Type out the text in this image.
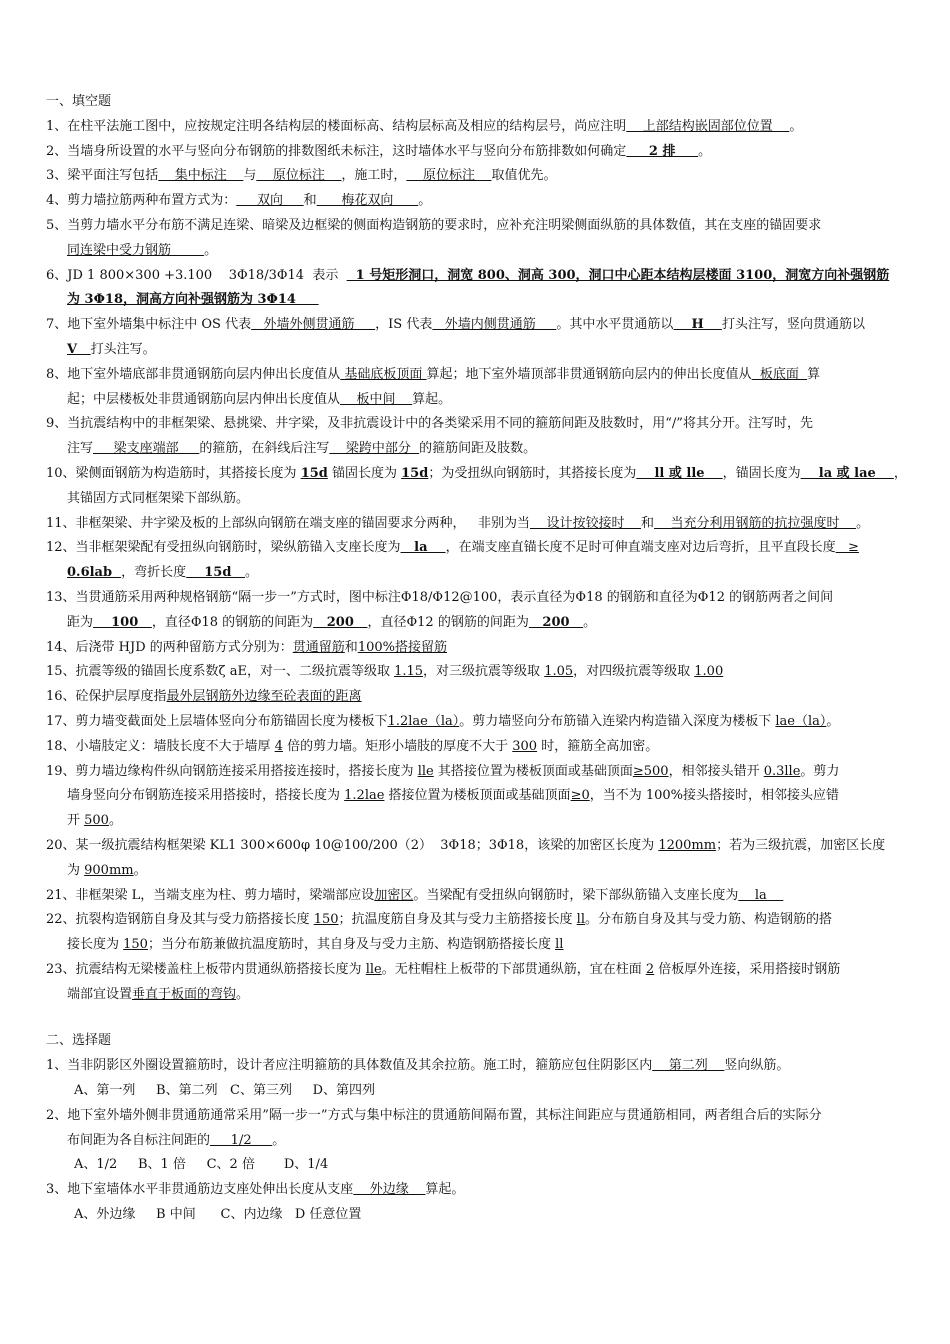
一、填空题
1、在柱平法施工图中，应按规定注明各结构层的楼面标高、结构层标高及相应的结构层号，尚应注明    上部结构嵌固部位位置    。
2、当墙身所设置的水平与竖向分布钢筋的排数图纸未标注，这时墙体水平与竖向分布筋排数如何确定     2 排     。
3、梁平面注写包括    集中标注    与    原位标注    ，施工时，    原位标注    取值优先。
4、剪力墙拉筋两种布置方式为：     双向     和      梅花双向      。
5、当剪力墙水平分布筋不满足连梁、暗梁及边框梁的侧面构造钢筋的要求时，应补充注明梁侧面纵筋的具体数值，其在支座的锚固要求
同连梁中受力钢筋        。
6、JD 1 800×300 +3.100    3Φ18/3Φ14  表示    1 号矩形洞口，洞宽 800、洞高 300，洞口中心距本结构层楼面 3100，洞宽方向补强钢筋
为 3Φ18，洞高方向补强钢筋为 3Φ14
7、地下室外墙集中标注中 OS 代表   外墙外侧贯通筋     ，IS 代表   外墙内侧贯通筋     。其中水平贯通筋以    H    打头注写，竖向贯通筋以
V   打头注写。
8、地下室外墙底部非贯通钢筋向层内伸出长度值从 基础底板顶面 算起；地下室外墙顶部非贯通钢筋向层内的伸出长度值从  板底面  算
起；中层楼板处非贯通钢筋向层内伸出长度值从    板中间    算起。
9、当抗震结构中的非框架梁、悬挑梁、井字梁，及非抗震设计中的各类梁采用不同的箍筋间距及肢数时，用“/”将其分开。注写时，先
注写     梁支座端部     的箍筋，在斜线后注写    梁跨中部分  的箍筋间距及肢数。
10、梁侧面钢筋为构造筋时，其搭接长度为 15d 锚固长度为 15d；为受扭纵向钢筋时，其搭接长度为    ll 或 lle    ，锚固长度为    la 或 lae    ，
其锚固方式同框架梁下部纵筋。
11、非框架梁、井字梁及板的上部纵向钢筋在端支座的锚固要求分两种，   非别为当    设计按铰接时    和    当充分利用钢筋的抗拉强度时    。
12、当非框架梁配有受扭纵向钢筋时，梁纵筋锚入支座长度为   la    ，在端支座直锚长度不足时可伸直端支座对边后弯折，且平直段长度   ≥
0.6lab  ，弯折长度    15d   。
13、当贯通筋采用两种规格钢筋“隔一步一”方式时，图中标注Φ18/Φ12@100，表示直径为Φ18 的钢筋和直径为Φ12 的钢筋两者之间间
距为    100   ，直径Φ18 的钢筋的间距为   200   ，直径Φ12 的钢筋的间距为   200   。
14、后浇带 HJD 的两种留筋方式分别为：贯通留筋和100%搭接留筋
15、抗震等级的锚固长度系数ζ aE，对一、二级抗震等级取 1.15，对三级抗震等级取 1.05，对四级抗震等级取 1.00
16、砼保护层厚度指最外层钢筋外边缘至砼表面的距离
17、剪力墙变截面处上层墙体竖向分布筋锚固长度为楼板下1.2lae（la）。剪力墙竖向分布筋锚入连梁内构造锚入深度为楼板下 lae（la）。
18、小墙肢定义：墙肢长度不大于墙厚 4 倍的剪力墙。矩形小墙肢的厚度不大于 300 时，箍筋全高加密。
19、剪力墙边缘构件纵向钢筋连接采用搭接连接时，搭接长度为 lle 其搭接位置为楼板顶面或基础顶面≥500，相邻接头错开 0.3lle。剪力
墙身竖向分布钢筋连接采用搭接时，搭接长度为 1.2lae 搭接位置为楼板顶面或基础顶面≥0，当不为 100%接头搭接时，相邻接头应错
开 500。
20、某一级抗震结构框架梁 KL1 300×600φ 10@100/200（2）  3Φ18；3Φ18，该梁的加密区长度为 1200mm；若为三级抗震，加密区长度
为 900mm。
21、非框架梁 L，当端支座为柱、剪力墙时，梁端部应设加密区。当梁配有受扭纵向钢筋时，梁下部纵筋锚入支座长度为    la
22、抗裂构造钢筋自身及其与受力筋搭接长度 150；抗温度筋自身及其与受力主筋搭接长度 ll。分布筋自身及其与受力筋、构造钢筋的搭
接长度为 150；当分布筋兼做抗温度筋时，其自身及与受力主筋、构造钢筋搭接长度 ll
23、抗震结构无梁楼盖柱上板带内贯通纵筋搭接长度为 lle。无柱帽柱上板带的下部贯通纵筋，宜在柱面 2 倍板厚外连接，采用搭接时钢筋
端部宜设置垂直于板面的弯钩。
二、选择题
1、当非阴影区外圈设置箍筋时，设计者应注明箍筋的具体数值及其余拉筋。施工时，箍筋应包住阴影区内    第二列    竖向纵筋。
A、第一列     B、第二列   C、第三列     D、第四列
2、地下室外墙外侧非贯通筋通常采用”隔一步一”方式与集中标注的贯通筋间隔布置，其标注间距应与贯通筋相同，两者组合后的实际分
布间距为各自标注间距的     1/2     。
A、1/2     B、1 倍     C、2 倍       D、1/4
3、地下室墙体水平非贯通筋边支座处伸出长度从支座    外边缘    算起。
A、外边缘     B 中间      C、内边缘   D 任意位置
